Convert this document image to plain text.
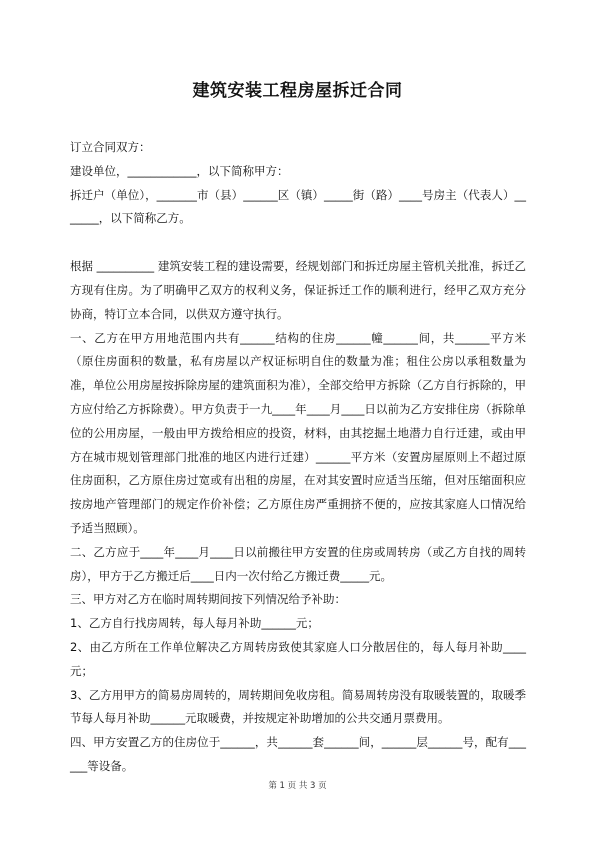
建筑安装工程房屋拆迁合同

订立合同双方：

建设单位，____________，以下简称甲方：

拆迁户（单位），_______市（县）______区（镇）_____街（路）____号房主（代表人）_______，以下简称乙方。

根据 __________ 建筑安装工程的建设需要，经规划部门和拆迁房屋主管机关批准，拆迁乙方现有住房。为了明确甲乙双方的权利义务，保证拆迁工作的顺利进行，经甲乙双方充分协商，特订立本合同，以供双方遵守执行。

一、乙方在甲方用地范围内共有______结构的住房______幢______间，共______平方米（原住房面积的数量，私有房屋以产权证标明自住的数量为准；租住公房以承租数量为准，单位公用房屋按拆除房屋的建筑面积为准），全部交给甲方拆除（乙方自行拆除的，甲方应付给乙方拆除费）。甲方负责于一九____年____月____日以前为乙方安排住房（拆除单位的公用房屋，一般由甲方拨给相应的投资，材料，由其挖掘土地潜力自行迁建，或由甲方在城市规划管理部门批准的地区内进行迁建）______平方米（安置房屋原则上不超过原住房面积，乙方原住房过宽或有出租的房屋，在对其安置时应适当压缩，但对压缩面积应按房地产管理部门的规定作价补偿；乙方原住房严重拥挤不便的，应按其家庭人口情况给予适当照顾）。

二、乙方应于____年____月____日以前搬往甲方安置的住房或周转房（或乙方自找的周转房），甲方于乙方搬迁后____日内一次付给乙方搬迁费_____元。

三、甲方对乙方在临时周转期间按下列情况给予补助：

1、乙方自行找房周转，每人每月补助______元；

2、由乙方所在工作单位解决乙方周转房致使其家庭人口分散居住的，每人每月补助____元；

3、乙方用甲方的简易房周转的，周转期间免收房租。简易周转房没有取暖装置的，取暖季节每人每月补助______元取暖费，并按规定补助增加的公共交通月票费用。

四、甲方安置乙方的住房位于______，共______套______间，______层______号，配有______等设备。

第 1 页 共 3 页
